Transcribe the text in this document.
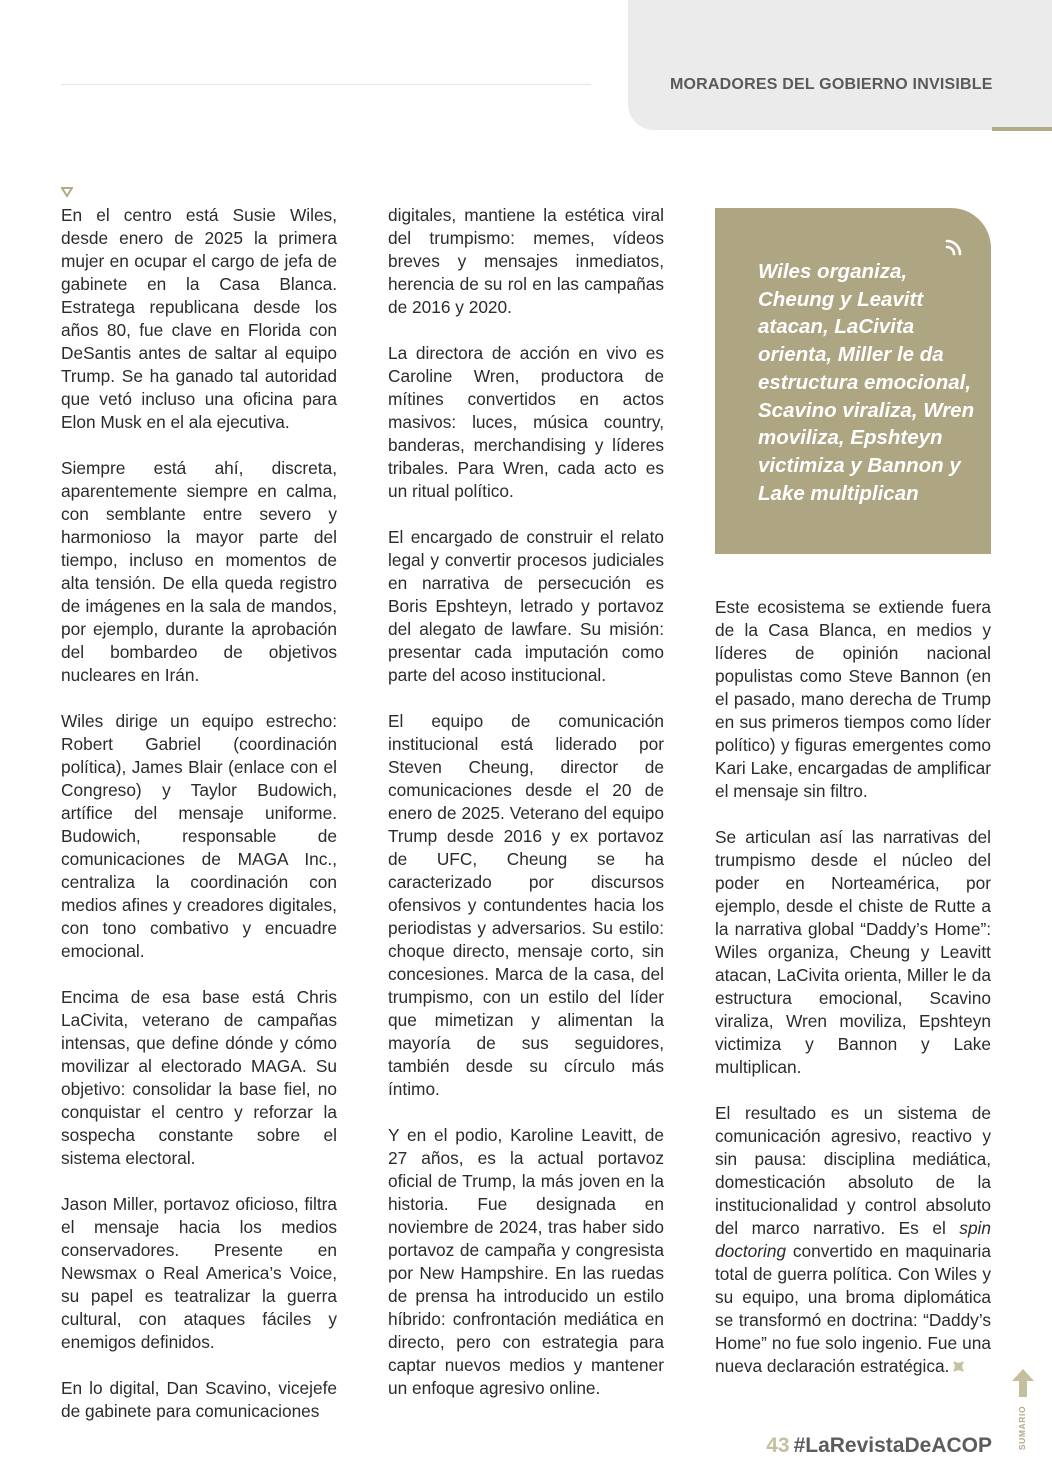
MORADORES DEL GOBIERNO INVISIBLE

En el centro está Susie Wiles, desde enero de 2025 la primera mujer en ocupar el cargo de jefa de gabinete en la Casa Blanca. Estratega republicana desde los años 80, fue clave en Florida con DeSantis antes de saltar al equipo Trump. Se ha ganado tal autoridad que vetó incluso una oficina para Elon Musk en el ala ejecutiva.

Siempre está ahí, discreta, aparentemente siempre en calma, con semblante entre severo y harmonioso la mayor parte del tiempo, incluso en momentos de alta tensión. De ella queda registro de imágenes en la sala de mandos, por ejemplo, durante la aprobación del bombardeo de objetivos nucleares en Irán.

Wiles dirige un equipo estrecho: Robert Gabriel (coordinación política), James Blair (enlace con el Congreso) y Taylor Budowich, artífice del mensaje uniforme. Budowich, responsable de comunicaciones de MAGA Inc., centraliza la coordinación con medios afines y creadores digitales, con tono combativo y encuadre emocional.

Encima de esa base está Chris LaCivita, veterano de campañas intensas, que define dónde y cómo movilizar al electorado MAGA. Su objetivo: consolidar la base fiel, no conquistar el centro y reforzar la sospecha constante sobre el sistema electoral.

Jason Miller, portavoz oficioso, filtra el mensaje hacia los medios conservadores. Presente en Newsmax o Real America’s Voice, su papel es teatralizar la guerra cultural, con ataques fáciles y enemigos definidos.

En lo digital, Dan Scavino, vicejefe de gabinete para comunicaciones

digitales, mantiene la estética viral del trumpismo: memes, vídeos breves y mensajes inmediatos, herencia de su rol en las campañas de 2016 y 2020.

La directora de acción en vivo es Caroline Wren, productora de mítines convertidos en actos masivos: luces, música country, banderas, merchandising y líderes tribales. Para Wren, cada acto es un ritual político.

El encargado de construir el relato legal y convertir procesos judiciales en narrativa de persecución es Boris Epshteyn, letrado y portavoz del alegato de lawfare. Su misión: presentar cada imputación como parte del acoso institucional.

El equipo de comunicación institucional está liderado por Steven Cheung, director de comunicaciones desde el 20 de enero de 2025. Veterano del equipo Trump desde 2016 y ex portavoz de UFC, Cheung se ha caracterizado por discursos ofensivos y contundentes hacia los periodistas y adversarios. Su estilo: choque directo, mensaje corto, sin concesiones. Marca de la casa, del trumpismo, con un estilo del líder que mimetizan y alimentan la mayoría de sus seguidores, también desde su círculo más íntimo.

Y en el podio, Karoline Leavitt, de 27 años, es la actual portavoz oficial de Trump, la más joven en la historia. Fue designada en noviembre de 2024, tras haber sido portavoz de campaña y congresista por New Hampshire. En las ruedas de prensa ha introducido un estilo híbrido: confrontación mediática en directo, pero con estrategia para captar nuevos medios y mantener un enfoque agresivo online.

Wiles organiza, Cheung y Leavitt atacan, LaCivita orienta, Miller le da estructura emocional, Scavino viraliza, Wren moviliza, Epshteyn victimiza y Bannon y Lake multiplican

Este ecosistema se extiende fuera de la Casa Blanca, en medios y líderes de opinión nacional populistas como Steve Bannon (en el pasado, mano derecha de Trump en sus primeros tiempos como líder político) y figuras emergentes como Kari Lake, encargadas de amplificar el mensaje sin filtro.

Se articulan así las narrativas del trumpismo desde el núcleo del poder en Norteamérica, por ejemplo, desde el chiste de Rutte a la narrativa global “Daddy’s Home”: Wiles organiza, Cheung y Leavitt atacan, LaCivita orienta, Miller le da estructura emocional, Scavino viraliza, Wren moviliza, Epshteyn victimiza y Bannon y Lake multiplican.

El resultado es un sistema de comunicación agresivo, reactivo y sin pausa: disciplina mediática, domesticación absoluto de la institucionalidad y control absoluto del marco narrativo. Es el spin doctoring convertido en maquinaria total de guerra política. Con Wiles y su equipo, una broma diplomática se transformó en doctrina: “Daddy’s Home” no fue solo ingenio. Fue una nueva declaración estratégica.

SUMARIO
43 #LaRevistaDeACOP
